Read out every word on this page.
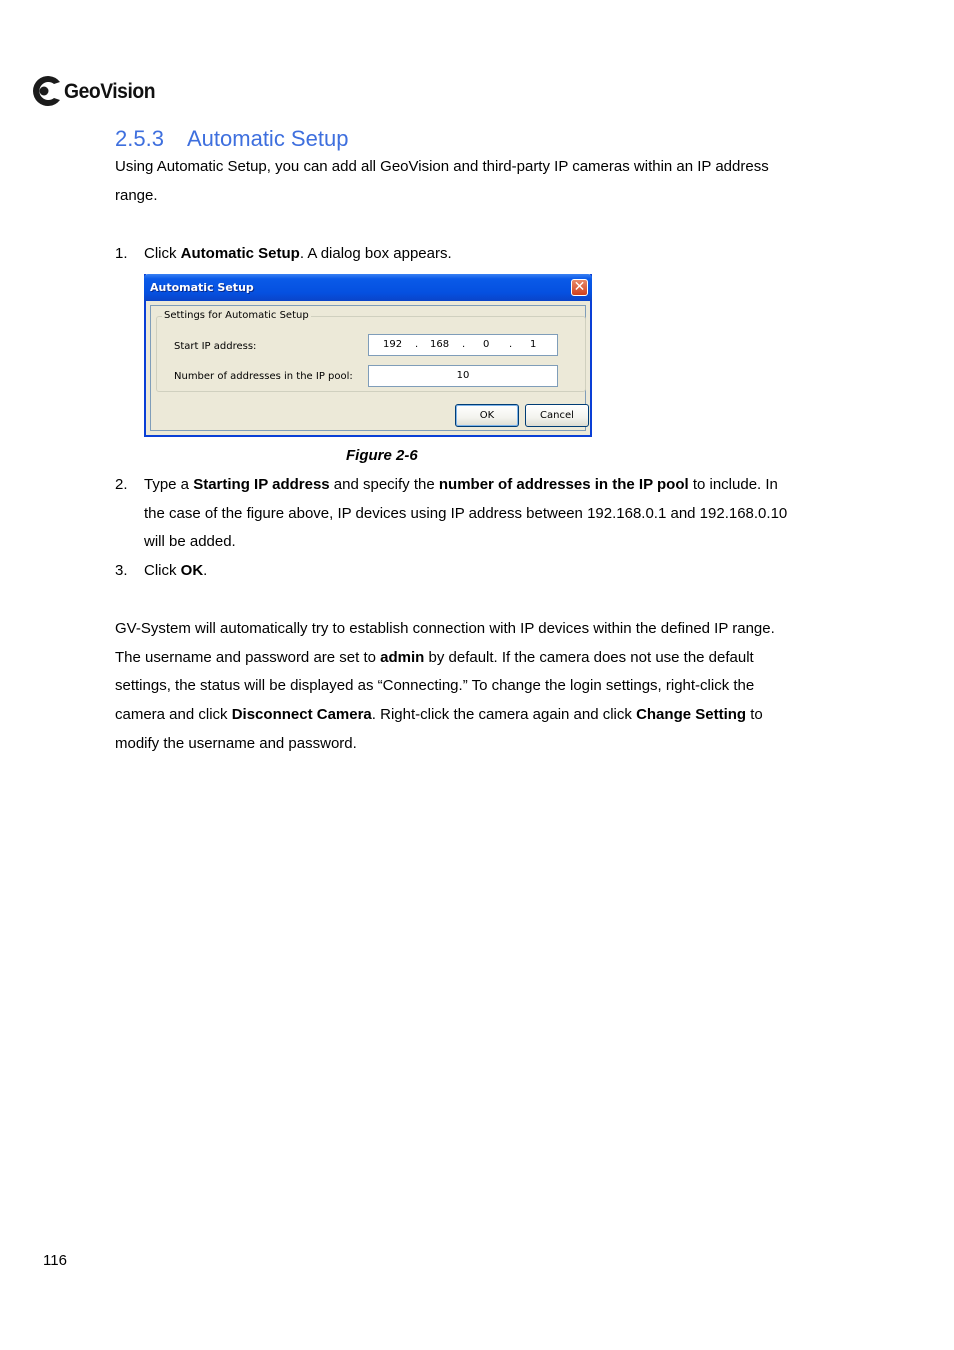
GeoVision
2.5.3 Automatic Setup
Using Automatic Setup, you can add all GeoVision and third-party IP cameras within an IP address
range.
1. Click Automatic Setup. A dialog box appears.
Automatic Setup	✕
Settings for Automatic Setup
Start IP address:	192 . 168 . 0 . 1
Number of addresses in the IP pool:	10
OK	Cancel
Figure 2-6
2. Type a Starting IP address and specify the number of addresses in the IP pool to include. In
the case of the figure above, IP devices using IP address between 192.168.0.1 and 192.168.0.10
will be added.
3. Click OK.
GV-System will automatically try to establish connection with IP devices within the defined IP range.
The username and password are set to admin by default. If the camera does not use the default
settings, the status will be displayed as “Connecting.” To change the login settings, right-click the
camera and click Disconnect Camera. Right-click the camera again and click Change Setting to
modify the username and password.
116
